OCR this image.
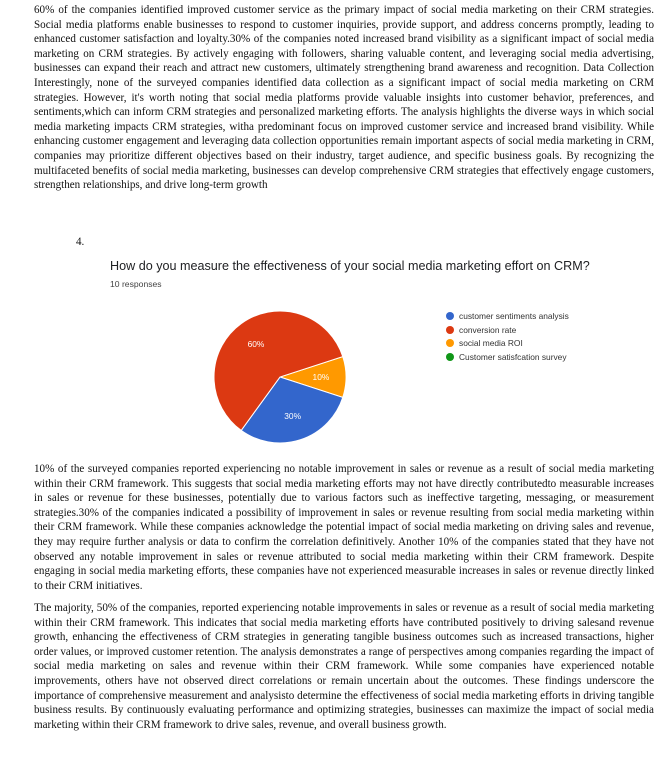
60% of the companies identified improved customer service as the primary impact of social media marketing on their CRM strategies. Social media platforms enable businesses to respond to customer inquiries, provide support, and address concerns promptly, leading to enhanced customer satisfaction and loyalty.30% of the companies noted increased brand visibility as a significant impact of social media marketing on CRM strategies. By actively engaging with followers, sharing valuable content, and leveraging social media advertising, businesses can expand their reach and attract new customers, ultimately strengthening brand awareness and recognition. Data Collection Interestingly, none of the surveyed companies identified data collection as a significant impact of social media marketing on CRM strategies. However, it's worth noting that social media platforms provide valuable insights into customer behavior, preferences, and sentiments,which can inform CRM strategies and personalized marketing efforts. The analysis highlights the diverse ways in which social media marketing impacts CRM strategies, witha predominant focus on improved customer service and increased brand visibility. While enhancing customer engagement and leveraging data collection opportunities remain important aspects of social media marketing in CRM, companies may prioritize different objectives based on their industry, target audience, and specific business goals. By recognizing the multifaceted benefits of social media marketing, businesses can develop comprehensive CRM strategies that effectively engage customers, strengthen relationships, and drive long-term growth

4.
How do you measure the effectiveness of your social media marketing effort on CRM?
10 responses
10%
30%
60%
customer sentiments analysis
conversion rate
social media ROI
Customer satisfcation survey

10% of the surveyed companies reported experiencing no notable improvement in sales or revenue as a result of social media marketing within their CRM framework. This suggests that social media marketing efforts may not have directly contributedto measurable increases in sales or revenue for these businesses, potentially due to various factors such as ineffective targeting, messaging, or measurement strategies.30% of the companies indicated a possibility of improvement in sales or revenue resulting from social media marketing within their CRM framework. While these companies acknowledge the potential impact of social media marketing on driving sales and revenue, they may require further analysis or data to confirm the correlation definitively. Another 10% of the companies stated that they have not observed any notable improvement in sales or revenue attributed to social media marketing within their CRM framework. Despite engaging in social media marketing efforts, these companies have not experienced measurable increases in sales or revenue directly linked to their CRM initiatives.

The majority, 50% of the companies, reported experiencing notable improvements in sales or revenue as a result of social media marketing within their CRM framework. This indicates that social media marketing efforts have contributed positively to driving salesand revenue growth, enhancing the effectiveness of CRM strategies in generating tangible business outcomes such as increased transactions, higher order values, or improved customer retention. The analysis demonstrates a range of perspectives among companies regarding the impact of social media marketing on sales and revenue within their CRM framework. While some companies have experienced notable improvements, others have not observed direct correlations or remain uncertain about the outcomes. These findings underscore the importance of comprehensive measurement and analysisto determine the effectiveness of social media marketing efforts in driving tangible business results. By continuously evaluating performance and optimizing strategies, businesses can maximize the impact of social media marketing within their CRM framework to drive sales, revenue, and overall business growth.
